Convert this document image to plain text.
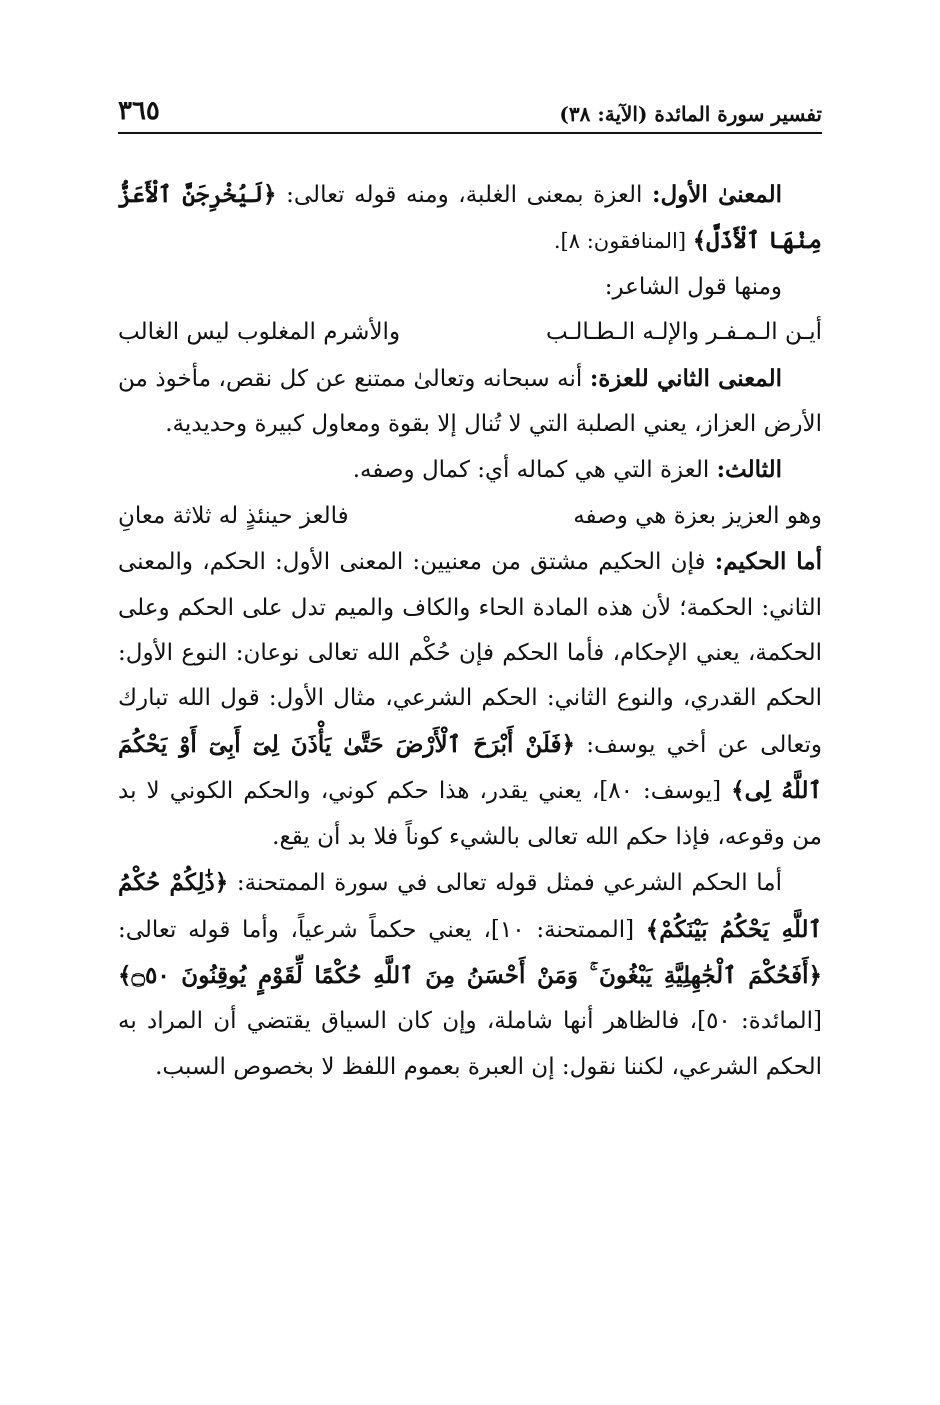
تفسير سورة المائدة (الآية: ٣٨)
٣٦٥

المعنىٰ الأول: العزة بمعنى الغلبة، ومنه قوله تعالى: ﴿لَيُخْرِجَنَّ ٱلْأَعَزُّ مِنْهَا ٱلْأَذَلَّ﴾ [المنافقون: ٨].

ومنها قول الشاعر:

أيـن الـمـفـر والإلـه الـطـالـب
والأشرم المغلوب ليس الغالب

المعنى الثاني للعزة: أنه سبحانه وتعالىٰ ممتنع عن كل نقص، مأخوذ من الأرض العزاز، يعني الصلبة التي لا تُنال إلا بقوة ومعاول كبيرة وحديدية.

الثالث: العزة التي هي كماله أي: كمال وصفه.

وهو العزيز بعزة هي وصفه
فالعز حينئذٍ له ثلاثة معانِ

أما الحكيم: فإن الحكيم مشتق من معنيين: المعنى الأول: الحكم، والمعنى الثاني: الحكمة؛ لأن هذه المادة الحاء والكاف والميم تدل على الحكم وعلى الحكمة، يعني الإحكام، فأما الحكم فإن حُكْم الله تعالى نوعان: النوع الأول: الحكم القدري، والنوع الثاني: الحكم الشرعي، مثال الأول: قول الله تبارك وتعالى عن أخي يوسف: ﴿فَلَنْ أَبْرَحَ ٱلْأَرْضَ حَتَّىٰ يَأْذَنَ لِىٓ أَبِىٓ أَوْ يَحْكُمَ ٱللَّهُ لِى﴾ [يوسف: ٨٠]، يعني يقدر، هذا حكم كوني، والحكم الكوني لا بد من وقوعه، فإذا حكم الله تعالى بالشيء كوناً فلا بد أن يقع.

أما الحكم الشرعي فمثل قوله تعالى في سورة الممتحنة: ﴿ذَٰلِكُمْ حُكْمُ ٱللَّهِ يَحْكُمُ بَيْنَكُمْ﴾ [الممتحنة: ١٠]، يعني حكماً شرعياً، وأما قوله تعالى: ﴿أَفَحُكْمَ ٱلْجَٰهِلِيَّةِ يَبْغُونَ ۚ وَمَنْ أَحْسَنُ مِنَ ٱللَّهِ حُكْمًا لِّقَوْمٍ يُوقِنُونَ ۝٥٠﴾ [المائدة: ٥٠]، فالظاهر أنها شاملة، وإن كان السياق يقتضي أن المراد به الحكم الشرعي، لكننا نقول: إن العبرة بعموم اللفظ لا بخصوص السبب.
